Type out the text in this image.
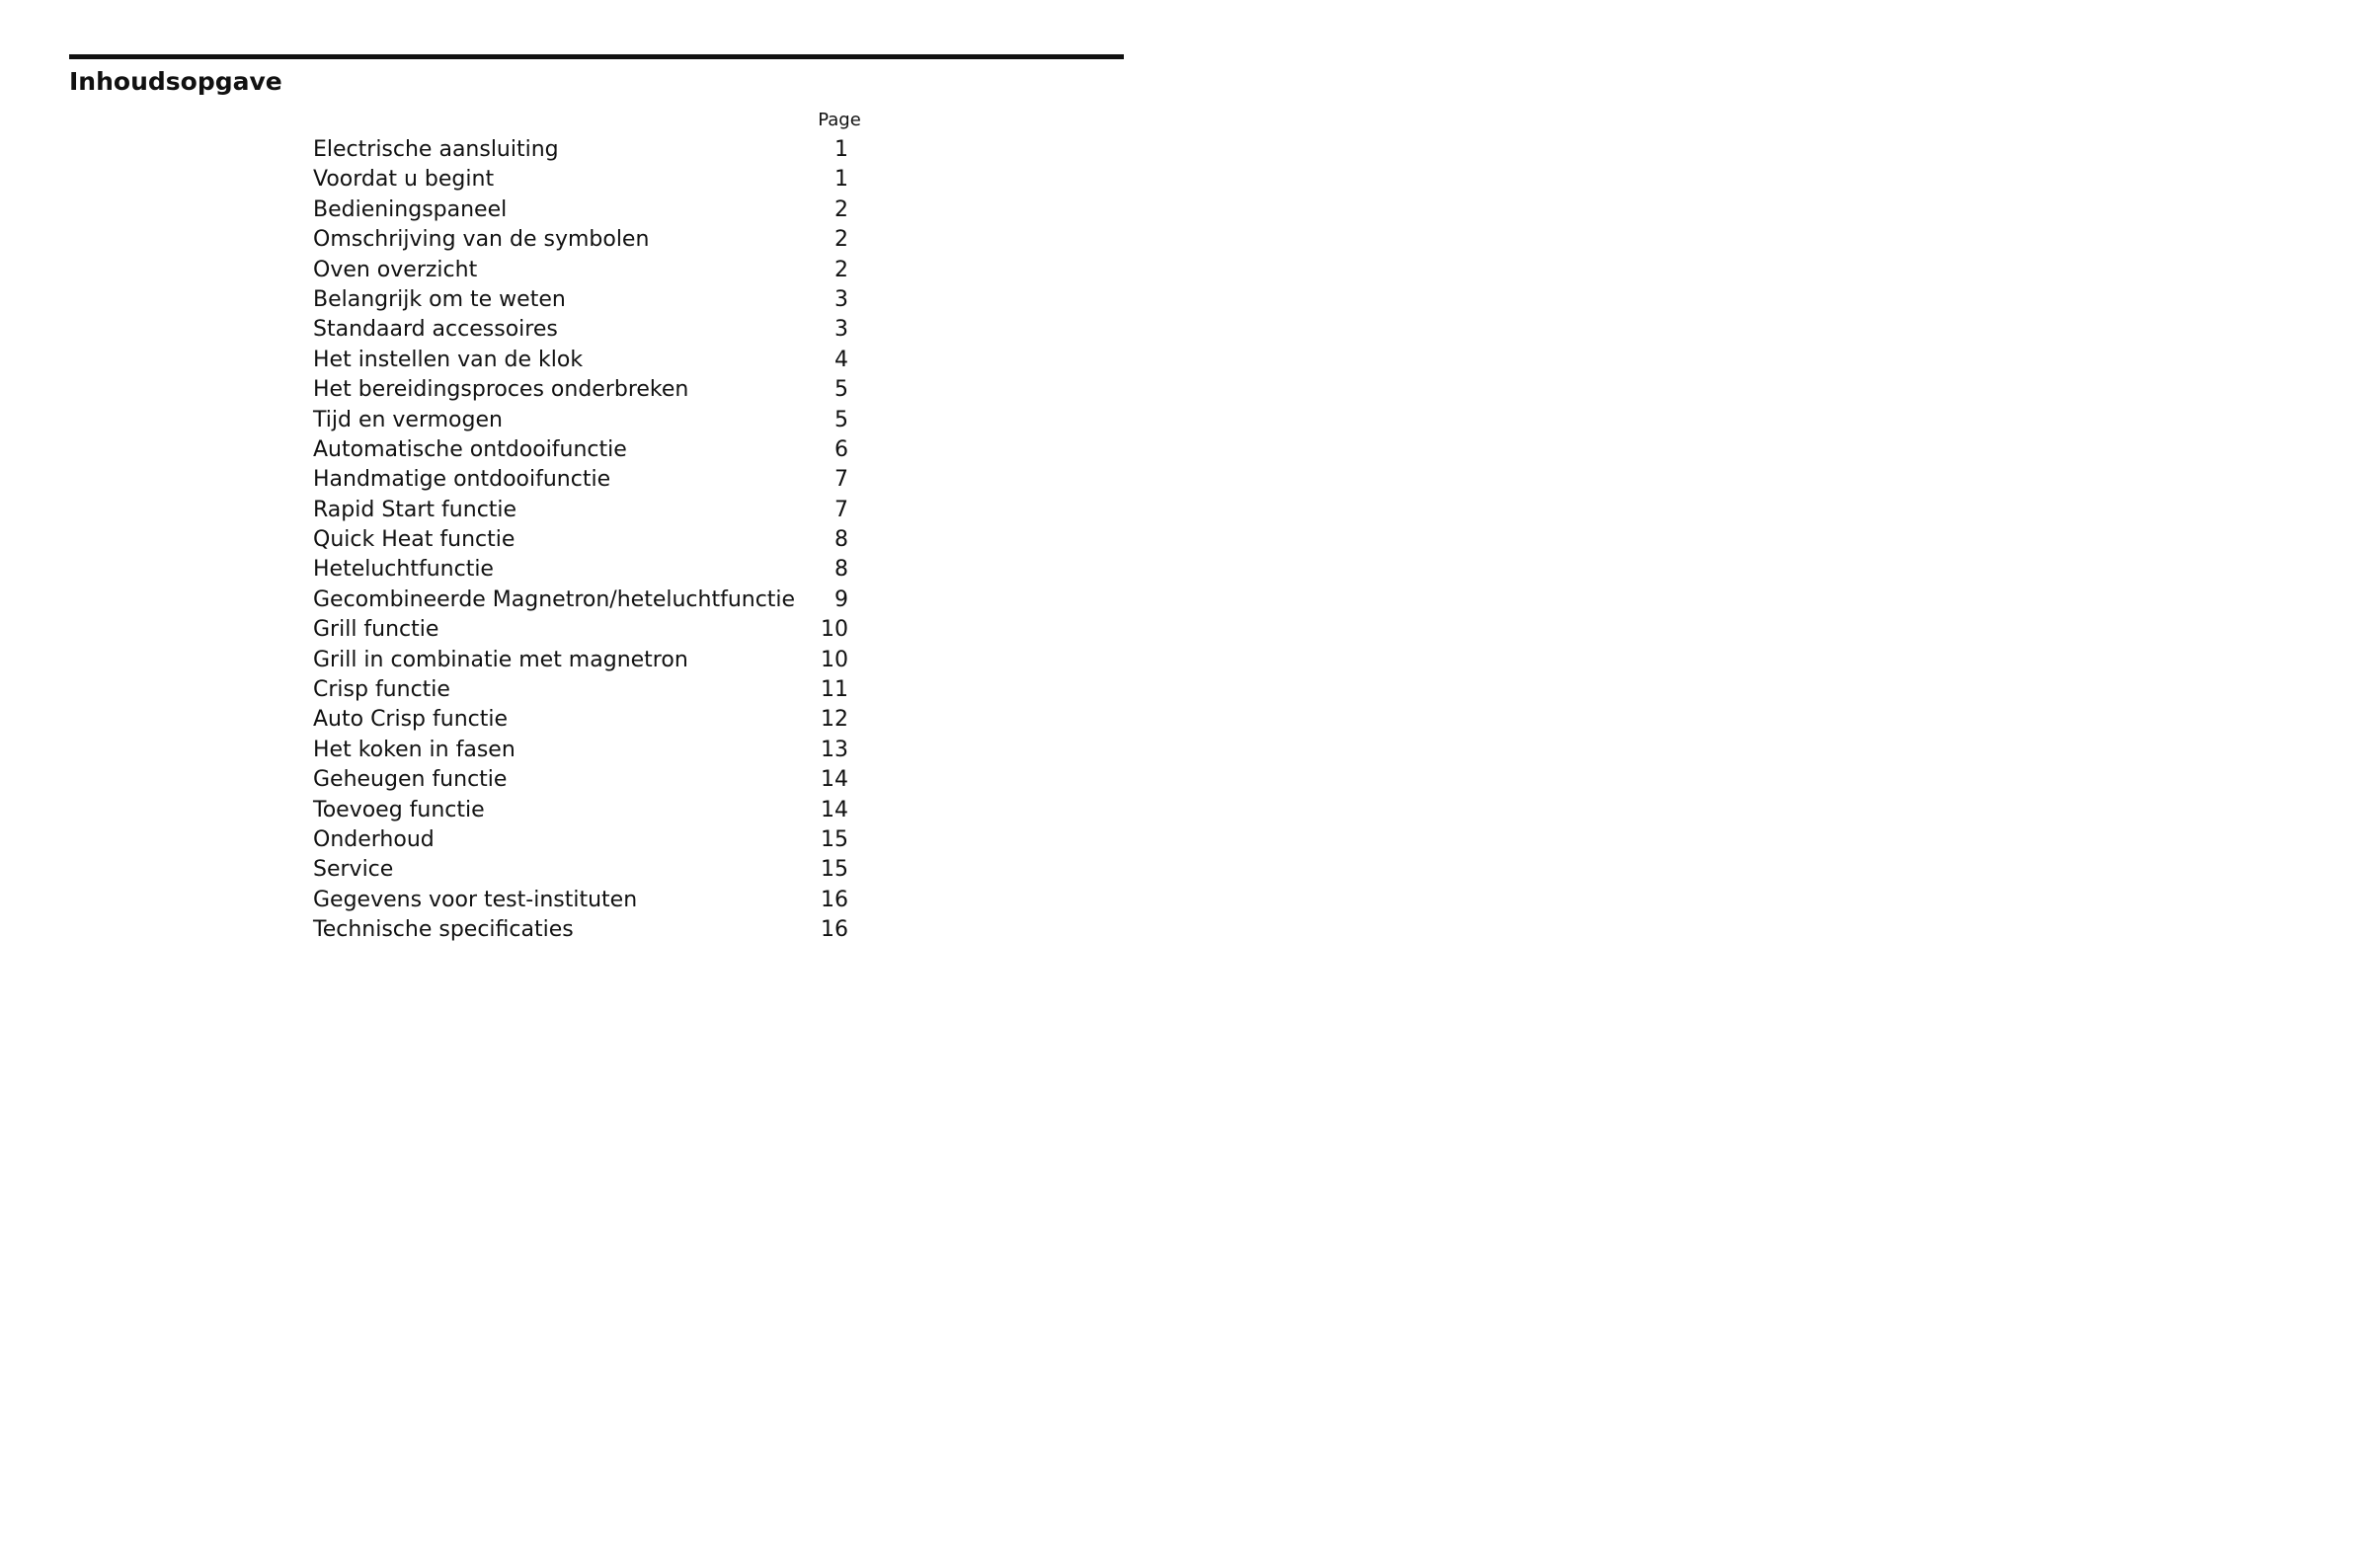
Inhoudsopgave
Page
Electrische aansluiting	1
Voordat u begint	1
Bedieningspaneel	2
Omschrijving van de symbolen	2
Oven overzicht	2
Belangrijk om te weten	3
Standaard accessoires	3
Het instellen van de klok	4
Het bereidingsproces onderbreken	5
Tijd en vermogen	5
Automatische ontdooifunctie	6
Handmatige ontdooifunctie	7
Rapid Start functie	7
Quick Heat functie	8
Heteluchtfunctie	8
Gecombineerde Magnetron/heteluchtfunctie	9
Grill functie	10
Grill in combinatie met magnetron	10
Crisp functie	11
Auto Crisp functie	12
Het koken in fasen	13
Geheugen functie	14
Toevoeg functie	14
Onderhoud	15
Service	15
Gegevens voor test-instituten	16
Technische specificaties	16
